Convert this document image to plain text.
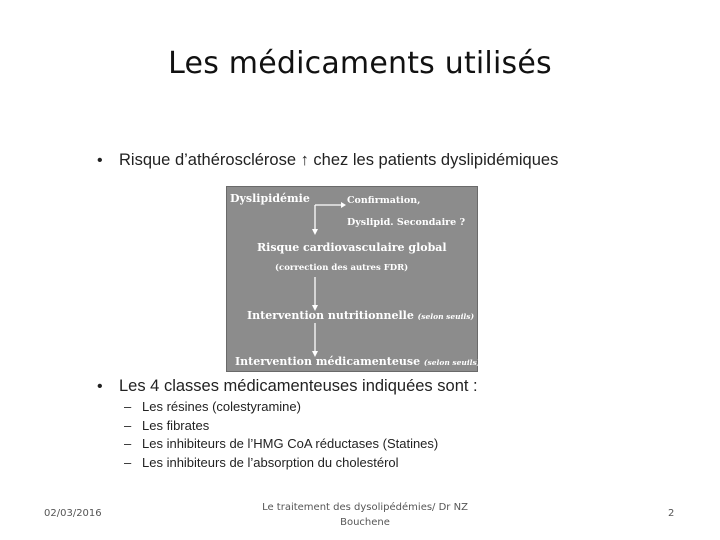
Les médicaments utilisés
• Risque d’athérosclérose ↑ chez les patients dyslipidémiques
Dyslipidémie	Confirmation,
Dyslipid. Secondaire ?
Risque cardiovasculaire global
(correction des autres FDR)
Intervention nutritionnelle (selon seuils)
Intervention médicamenteuse (selon seuils)
• Les 4 classes médicamenteuses indiquées sont :
– Les résines (colestyramine)
– Les fibrates
– Les inhibiteurs de l’HMG CoA réductases (Statines)
– Les inhibiteurs de l’absorption du cholestérol
02/03/2016
Le traitement des dysolipédémies/ Dr NZ Bouchene
2
